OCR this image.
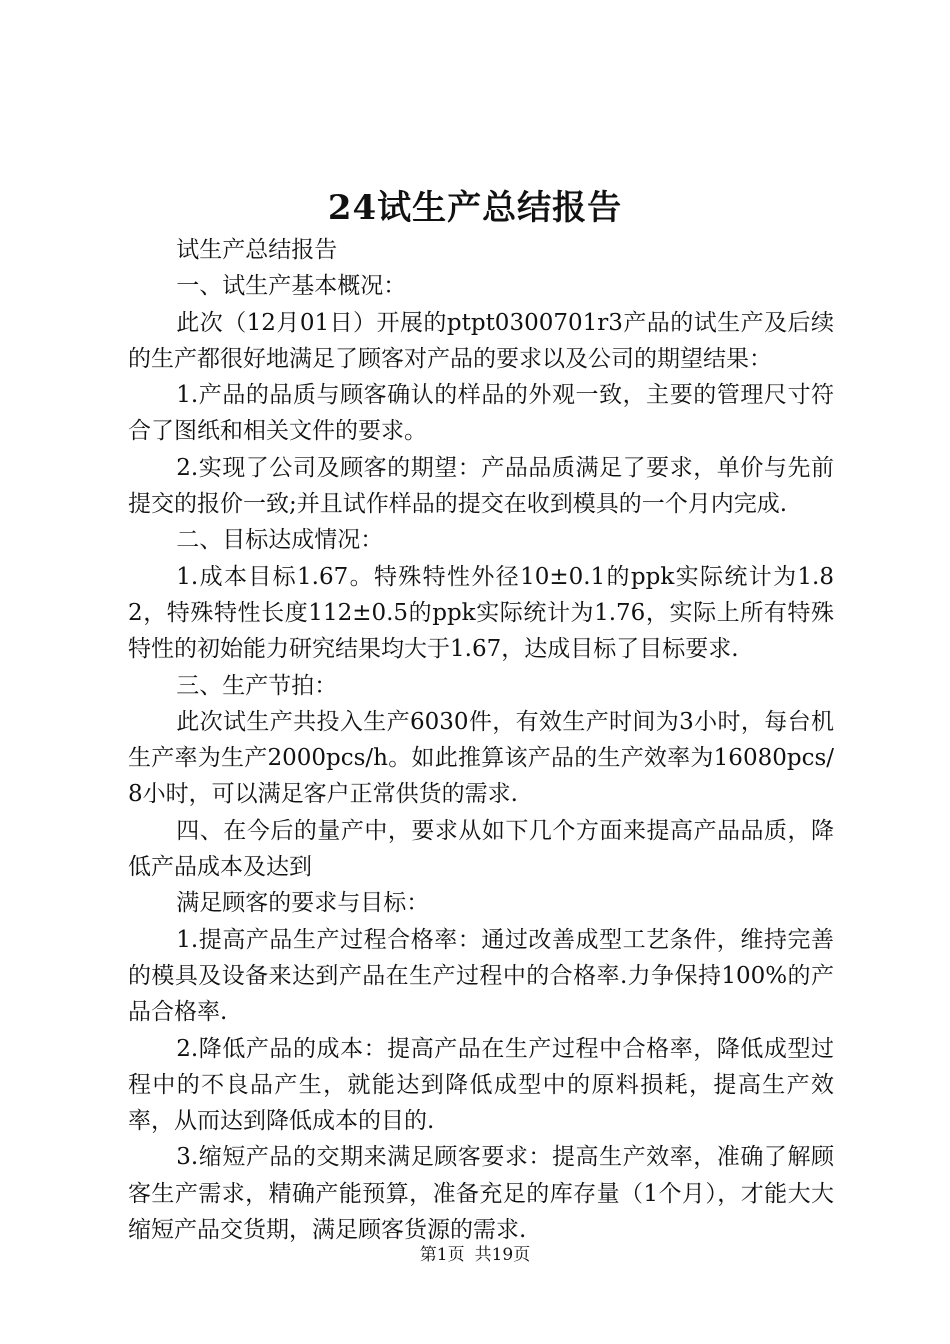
24试生产总结报告

试生产总结报告

一、试生产基本概况：

此次（12月01日）开展的ptpt0300701r3产品的试生产及后续的生产都很好地满足了顾客对产品的要求以及公司的期望结果：

1.产品的品质与顾客确认的样品的外观一致，主要的管理尺寸符合了图纸和相关文件的要求。

2.实现了公司及顾客的期望：产品品质满足了要求，单价与先前提交的报价一致;并且试作样品的提交在收到模具的一个月内完成.

二、目标达成情况：

1.成本目标1.67。特殊特性外径10±0.1的ppk实际统计为1.82，特殊特性长度112±0.5的ppk实际统计为1.76，实际上所有特殊特性的初始能力研究结果均大于1.67，达成目标了目标要求.

三、生产节拍：

此次试生产共投入生产6030件，有效生产时间为3小时，每台机生产率为生产2000pcs/h。如此推算该产品的生产效率为16080pcs/8小时，可以满足客户正常供货的需求.

四、在今后的量产中，要求从如下几个方面来提高产品品质，降低产品成本及达到

满足顾客的要求与目标：

1.提高产品生产过程合格率：通过改善成型工艺条件，维持完善的模具及设备来达到产品在生产过程中的合格率.力争保持100%的产品合格率.

2.降低产品的成本：提高产品在生产过程中合格率，降低成型过程中的不良品产生，就能达到降低成型中的原料损耗，提高生产效率，从而达到降低成本的目的.

3.缩短产品的交期来满足顾客要求：提高生产效率，准确了解顾客生产需求，精确产能预算，准备充足的库存量（1个月），才能大大缩短产品交货期，满足顾客货源的需求.

第1页 共19页
